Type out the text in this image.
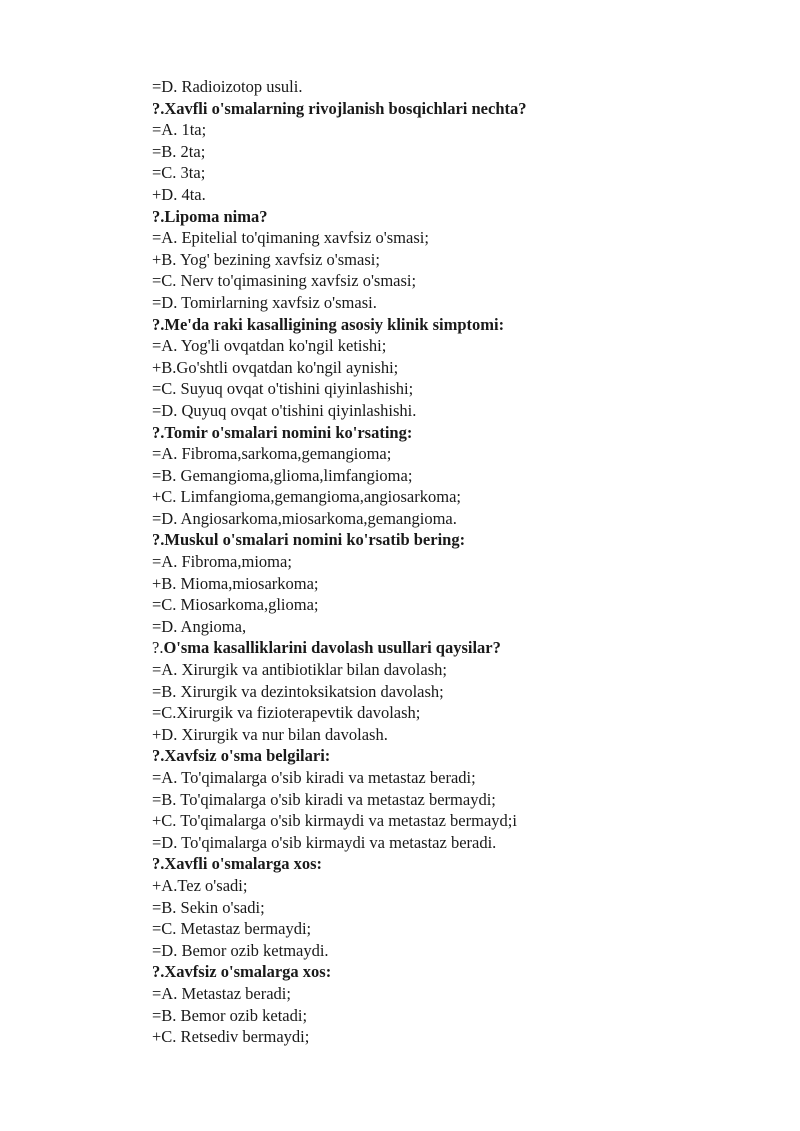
=D. Radioizotop usuli.
?.Xavfli o'smalarning rivojlanish bosqichlari nechta?
=A. 1ta;
=B. 2ta;
=C. 3ta;
+D. 4ta.
?.Lipoma nima?
=A. Epitelial to'qimaning xavfsiz o'smasi;
+B. Yog' bezining xavfsiz o'smasi;
=C. Nerv to'qimasining xavfsiz o'smasi;
=D. Tomirlarning xavfsiz o'smasi.
?.Me'da raki kasalligining asosiy klinik simptomi:
=A. Yog'li ovqatdan ko'ngil ketishi;
+B.Go'shtli ovqatdan ko'ngil aynishi;
=C. Suyuq ovqat o'tishini qiyinlashishi;
=D. Quyuq ovqat o'tishini qiyinlashishi.
?.Tomir o'smalari nomini ko'rsating:
=A. Fibroma,sarkoma,gemangioma;
=B. Gemangioma,glioma,limfangioma;
+C. Limfangioma,gemangioma,angiosarkoma;
=D. Angiosarkoma,miosarkoma,gemangioma.
?.Muskul o'smalari nomini ko'rsatib bering:
=A. Fibroma,mioma;
+B. Mioma,miosarkoma;
=C. Miosarkoma,glioma;
=D. Angioma,
?.O'sma kasalliklarini davolash usullari qaysilar?
=A. Xirurgik va antibiotiklar bilan davolash;
=B. Xirurgik va dezintoksikatsion davolash;
=C.Xirurgik va fizioterapevtik davolash;
+D. Xirurgik va nur bilan davolash.
?.Xavfsiz o'sma belgilari:
=A. To'qimalarga o'sib kiradi va metastaz beradi;
=B. To'qimalarga o'sib kiradi va metastaz bermaydi;
+C. To'qimalarga o'sib kirmaydi va metastaz bermayd;i
=D. To'qimalarga o'sib kirmaydi va metastaz beradi.
?.Xavfli o'smalarga xos:
+A.Tez o'sadi;
=B. Sekin o'sadi;
=C. Metastaz bermaydi;
=D. Bemor ozib ketmaydi.
?.Xavfsiz o'smalarga xos:
=A. Metastaz beradi;
=B. Bemor ozib ketadi;
+C. Retsediv bermaydi;
